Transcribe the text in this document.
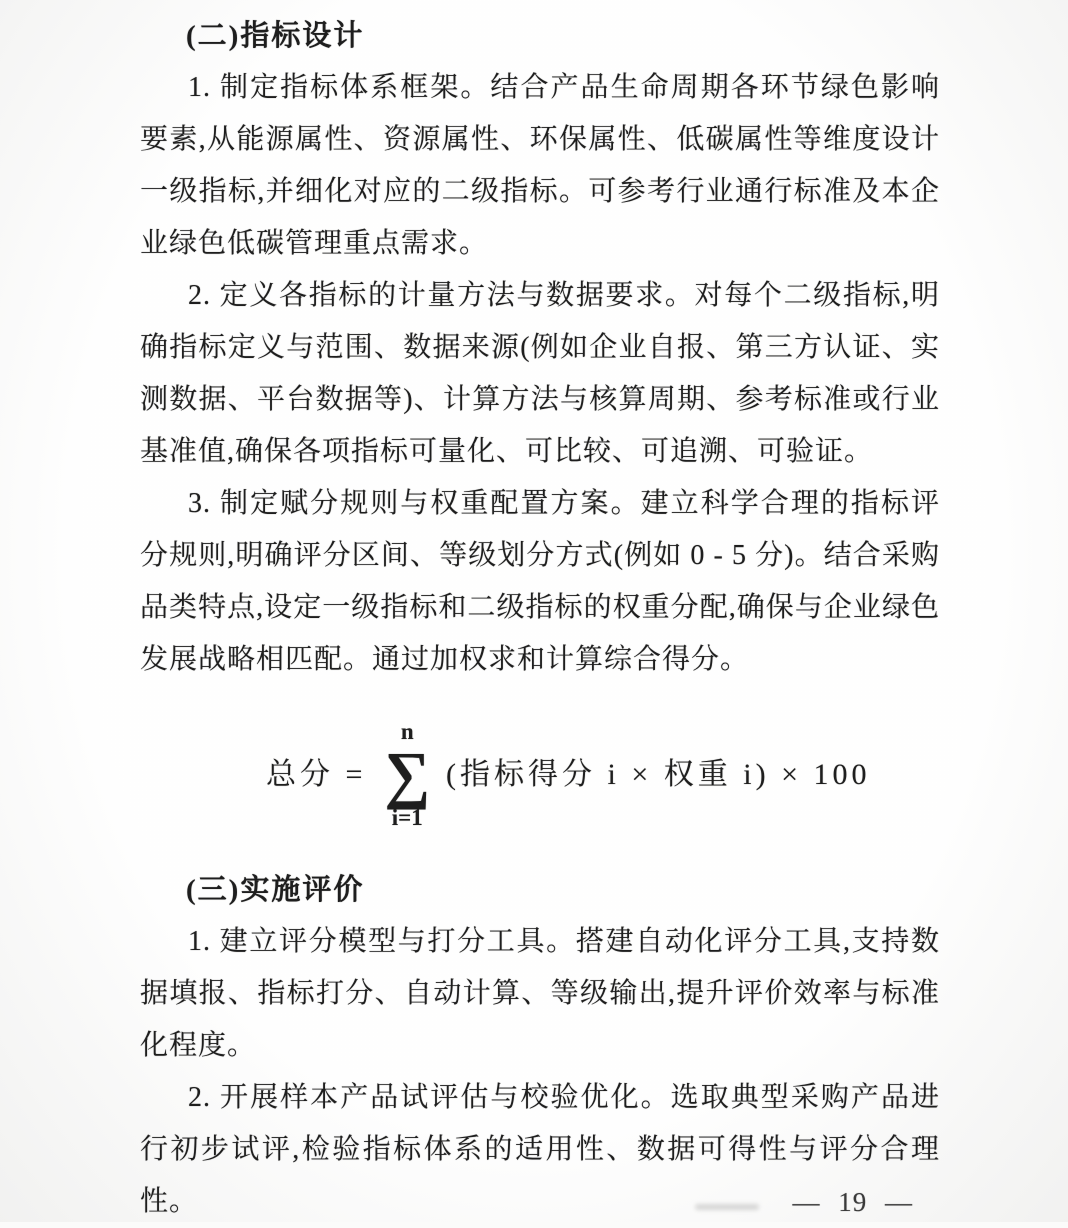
(二)指标设计

1. 制定指标体系框架。结合产品生命周期各环节绿色影响要素,从能源属性、资源属性、环保属性、低碳属性等维度设计一级指标,并细化对应的二级指标。可参考行业通行标准及本企业绿色低碳管理重点需求。

2. 定义各指标的计量方法与数据要求。对每个二级指标,明确指标定义与范围、数据来源(例如企业自报、第三方认证、实测数据、平台数据等)、计算方法与核算周期、参考标准或行业基准值,确保各项指标可量化、可比较、可追溯、可验证。

3. 制定赋分规则与权重配置方案。建立科学合理的指标评分规则,明确评分区间、等级划分方式(例如 0 - 5 分)。结合采购品类特点,设定一级指标和二级指标的权重分配,确保与企业绿色发展战略相匹配。通过加权求和计算综合得分。

总分 =
n
∑
i=1
(指标得分 i × 权重 i) × 100
(三)实施评价

1. 建立评分模型与打分工具。搭建自动化评分工具,支持数据填报、指标打分、自动计算、等级输出,提升评价效率与标准化程度。

2. 开展样本产品试评估与校验优化。选取典型采购产品进行初步试评,检验指标体系的适用性、数据可得性与评分合理性。	— 19 —
